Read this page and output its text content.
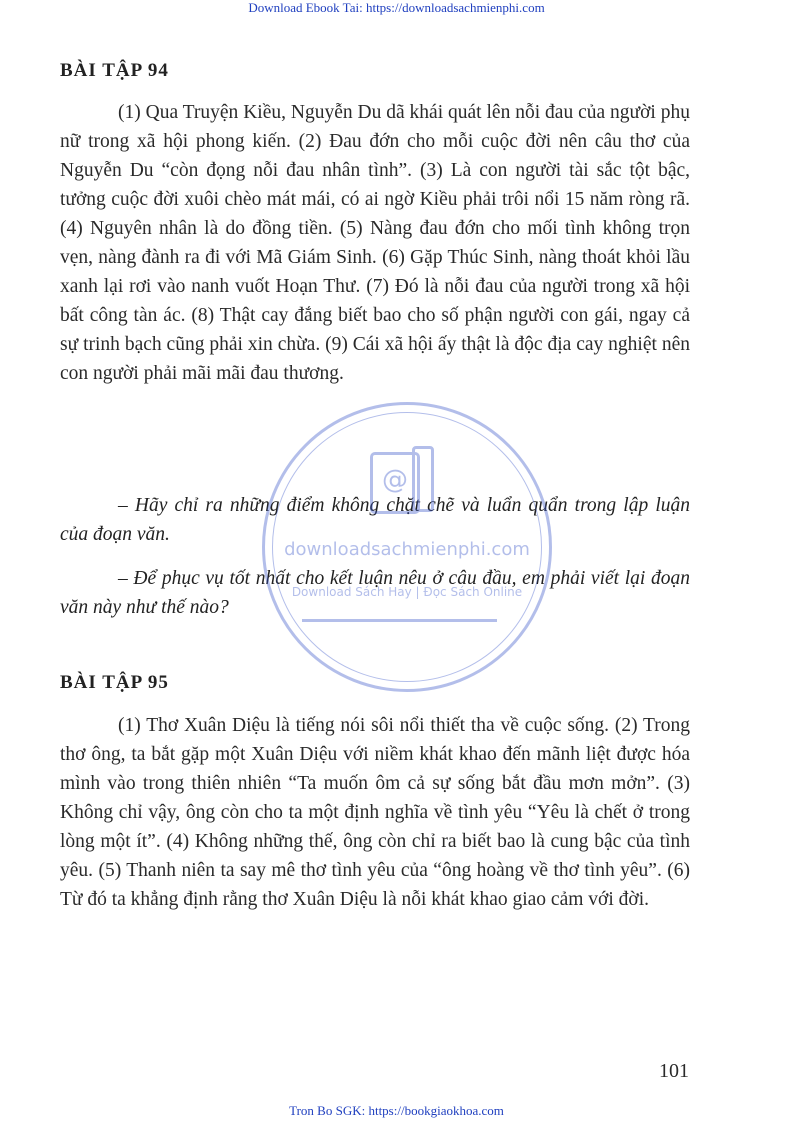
Download Ebook Tai: https://downloadsachmienphi.com
BÀI TẬP 94
(1) Qua Truyện Kiều, Nguyễn Du dã khái quát lên nỗi đau của người phụ nữ trong xã hội phong kiến. (2) Đau đớn cho mỗi cuộc đời nên câu thơ của Nguyễn Du “còn đọng nỗi đau nhân tình”. (3) Là con người tài sắc tột bậc, tưởng cuộc đời xuôi chèo mát mái, có ai ngờ Kiều phải trôi nổi 15 năm ròng rã. (4) Nguyên nhân là do đồng tiền. (5) Nàng đau đớn cho mối tình không trọn vẹn, nàng đành ra đi với Mã Giám Sinh. (6) Gặp Thúc Sinh, nàng thoát khỏi lầu xanh lại rơi vào nanh vuốt Hoạn Thư. (7) Đó là nỗi đau của người trong xã hội bất công tàn ác. (8) Thật cay đắng biết bao cho số phận người con gái, ngay cả sự trinh bạch cũng phải xin chừa. (9) Cái xã hội ấy thật là độc địa cay nghiệt nên con người phải mãi mãi đau thương.
– Hãy chỉ ra những điểm không chặt chẽ và luẩn quẩn trong lập luận của đoạn văn.
– Để phục vụ tốt nhất cho kết luận nêu ở câu đầu, em phải viết lại đoạn văn này như thế nào?
BÀI TẬP 95
(1) Thơ Xuân Diệu là tiếng nói sôi nổi thiết tha về cuộc sống. (2) Trong thơ ông, ta bắt gặp một Xuân Diệu với niềm khát khao đến mãnh liệt được hóa mình vào trong thiên nhiên “Ta muốn ôm cả sự sống bắt đầu mơn mởn”. (3) Không chỉ vậy, ông còn cho ta một định nghĩa về tình yêu “Yêu là chết ở trong lòng một ít”. (4) Không những thế, ông còn chỉ ra biết bao là cung bậc của tình yêu. (5) Thanh niên ta say mê thơ tình yêu của “ông hoàng về thơ tình yêu”. (6) Từ đó ta khẳng định rằng thơ Xuân Diệu là nỗi khát khao giao cảm với đời.
101
@
downloadsachmienphi.com
Download Sách Hay | Đọc Sách Online
Tron Bo SGK: https://bookgiaokhoa.com
